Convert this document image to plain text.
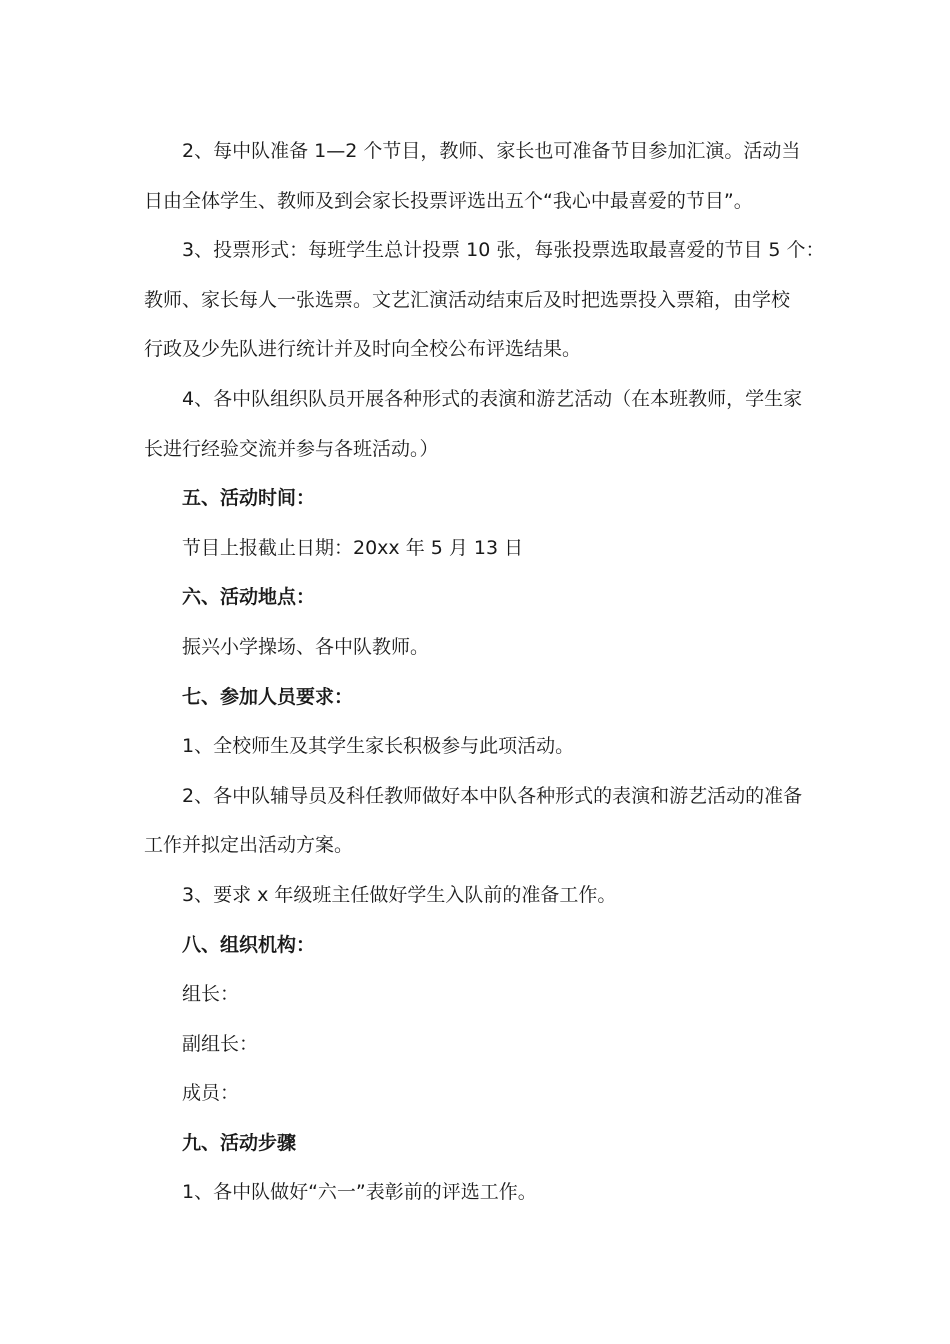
2、每中队准备 1—2 个节目，教师、家长也可准备节目参加汇演。活动当

日由全体学生、教师及到会家长投票评选出五个“我心中最喜爱的节目”。

3、投票形式：每班学生总计投票 10 张，每张投票选取最喜爱的节目 5 个：

教师、家长每人一张选票。文艺汇演活动结束后及时把选票投入票箱，由学校

行政及少先队进行统计并及时向全校公布评选结果。

4、各中队组织队员开展各种形式的表演和游艺活动（在本班教师，学生家

长进行经验交流并参与各班活动。）

五、活动时间：

节目上报截止日期：20xx 年 5 月 13 日

六、活动地点：

振兴小学操场、各中队教师。

七、参加人员要求：

1、全校师生及其学生家长积极参与此项活动。

2、各中队辅导员及科任教师做好本中队各种形式的表演和游艺活动的准备

工作并拟定出活动方案。

3、要求 x 年级班主任做好学生入队前的准备工作。

八、组织机构：

组长：

副组长：

成员：

九、活动步骤

1、各中队做好“六一”表彰前的评选工作。
